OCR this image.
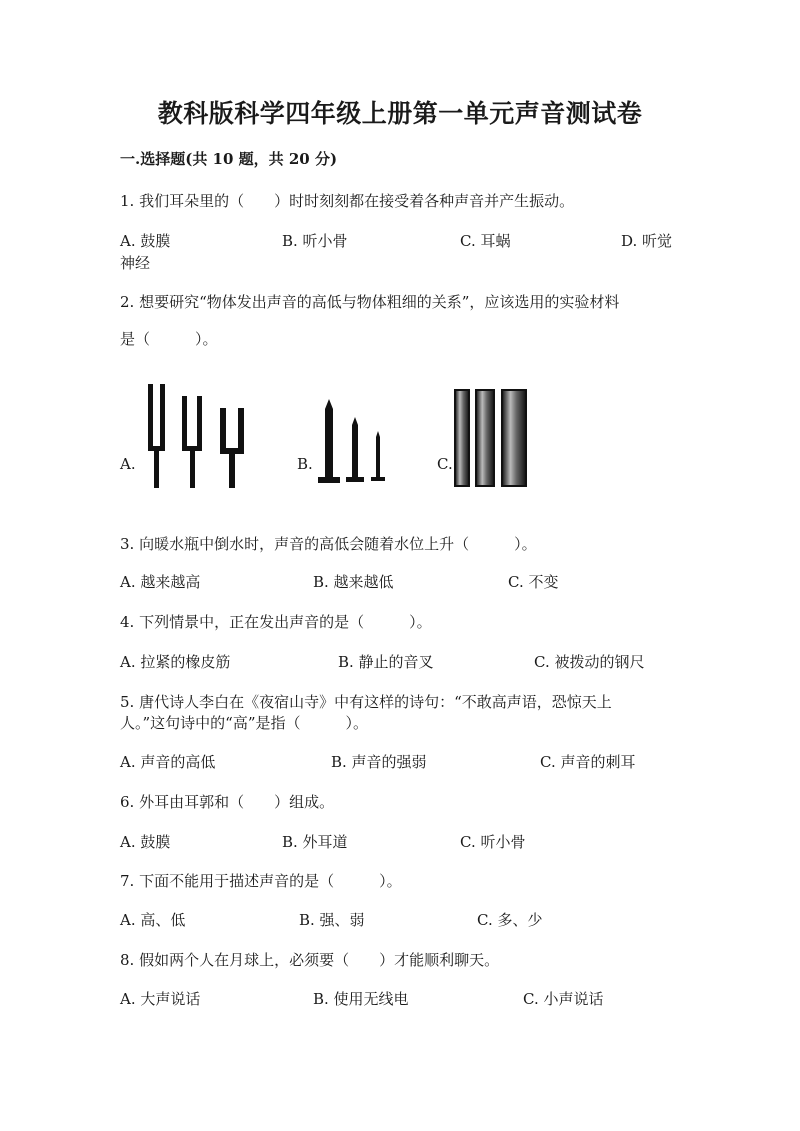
教科版科学四年级上册第一单元声音测试卷
一.选择题(共 10 题，共 20 分)
1. 我们耳朵里的（　　）时时刻刻都在接受着各种声音并产生振动。
A. 鼓膜	B. 听小骨	C. 耳蜗	D. 听觉
神经
2. 想要研究“物体发出声音的高低与物体粗细的关系”，应该选用的实验材料
是（　　　）。
A.	B.	C.
3. 向暖水瓶中倒水时，声音的高低会随着水位上升（　　　）。
A. 越来越高	B. 越来越低	C. 不变
4. 下列情景中，正在发出声音的是（　　　）。
A. 拉紧的橡皮筋	B. 静止的音叉	C. 被拨动的钢尺
5. 唐代诗人李白在《夜宿山寺》中有这样的诗句：“不敢高声语，恐惊天上
人。”这句诗中的“高”是指（　　　）。
A. 声音的高低	B. 声音的强弱	C. 声音的刺耳
6. 外耳由耳郭和（　　）组成。
A. 鼓膜	B. 外耳道	C. 听小骨
7. 下面不能用于描述声音的是（　　　）。
A. 高、低	B. 强、弱	C. 多、少
8. 假如两个人在月球上，必须要（　　）才能顺利聊天。
A. 大声说话	B. 使用无线电	C. 小声说话
